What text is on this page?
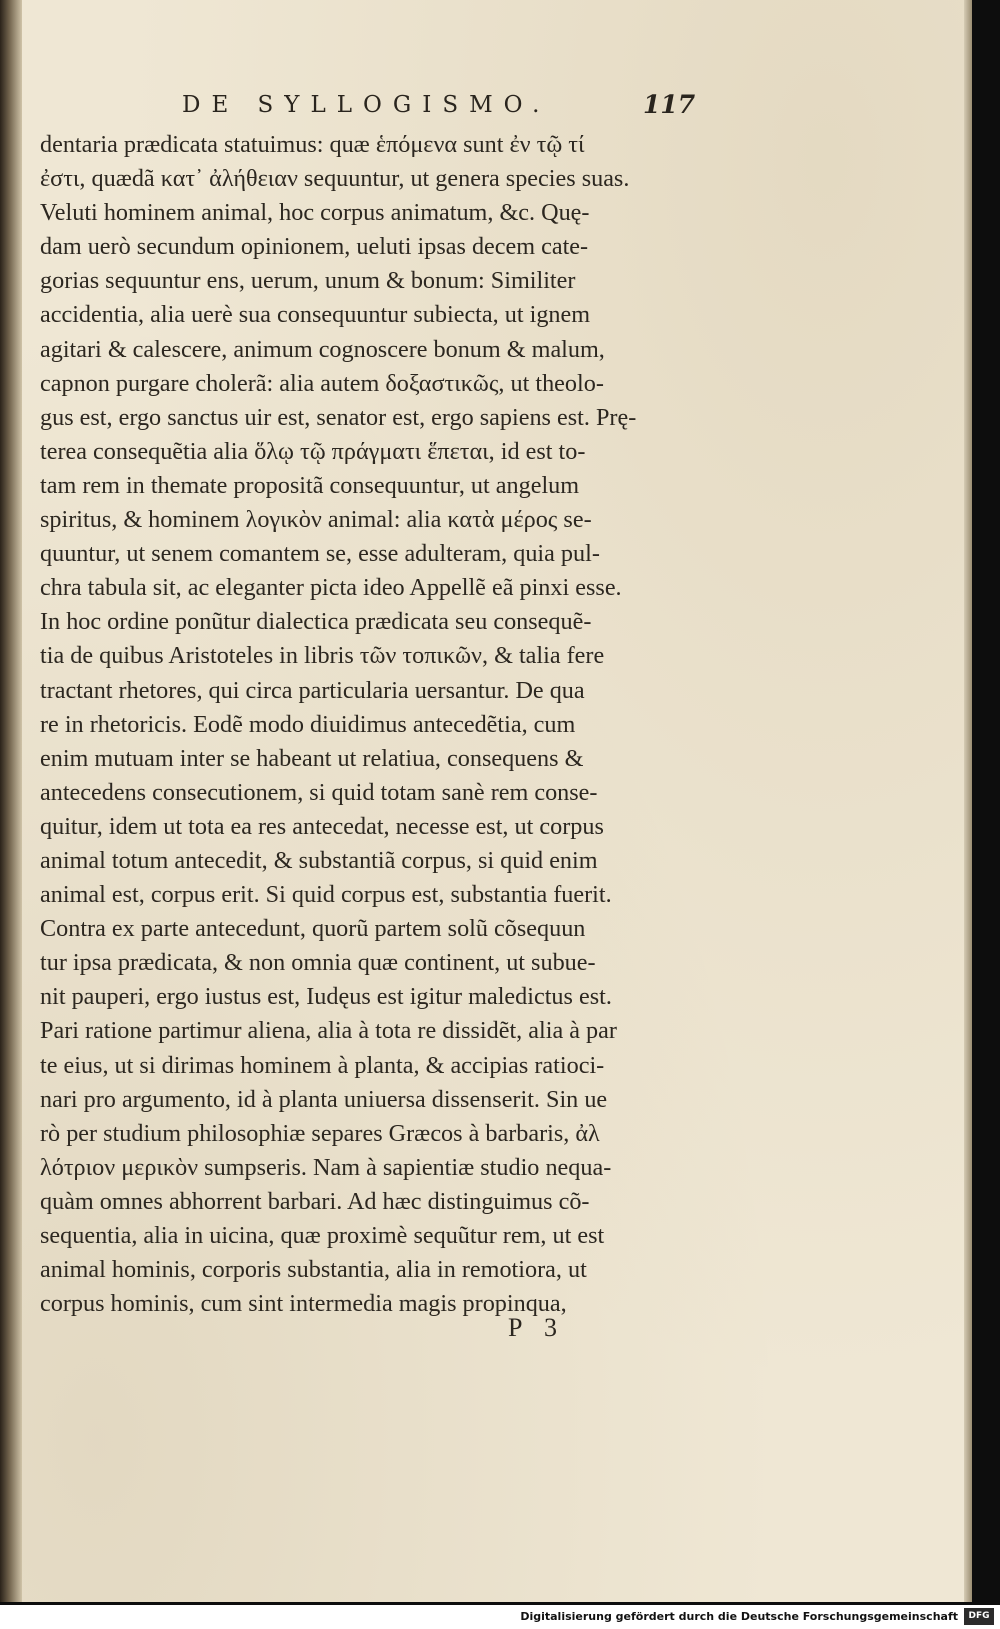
DE SYLLOGISMO.	117
dentaria prædicata statuimus: quæ ἑπόμενα sunt ἐν τῷ τί
ἐστι, quædã κατ᾿ ἀλήθειαν sequuntur, ut genera species suas.
Veluti hominem animal, hoc corpus animatum, &c. Quę-
dam uerò secundum opinionem, ueluti ipsas decem cate-
gorias sequuntur ens, uerum, unum & bonum: Similiter
accidentia, alia uerè sua consequuntur subiecta, ut ignem
agitari & calescere, animum cognoscere bonum & malum,
capnon purgare cholerã: alia autem δοξαστικῶς, ut theolo-
gus est, ergo sanctus uir est, senator est, ergo sapiens est. Prę-
terea consequẽtia alia ὅλῳ τῷ πράγματι ἕπεται, id est to-
tam rem in themate propositã consequuntur, ut angelum
spiritus, & hominem λογικὸν animal: alia κατὰ μέρος se-
quuntur, ut senem comantem se, esse adulteram, quia pul-
chra tabula sit, ac eleganter picta ideo Appellẽ eã pinxi esse.
In hoc ordine ponũtur dialectica prædicata seu consequẽ-
tia de quibus Aristoteles in libris τῶν τοπικῶν, & talia fere
tractant rhetores, qui circa particularia uersantur. De qua
re in rhetoricis. Eodẽ modo diuidimus antecedẽtia, cum
enim mutuam inter se habeant ut relatiua, consequens &
antecedens consecutionem, si quid totam sanè rem conse-
quitur, idem ut tota ea res antecedat, necesse est, ut corpus
animal totum antecedit, & substantiã corpus, si quid enim
animal est, corpus erit. Si quid corpus est, substantia fuerit.
Contra ex parte antecedunt, quorũ partem solũ cõsequun
tur ipsa prædicata, & non omnia quæ continent, ut subue-
nit pauperi, ergo iustus est, Iudęus est igitur maledictus est.
Pari ratione partimur aliena, alia à tota re dissidẽt, alia à par
te eius, ut si dirimas hominem à planta, & accipias ratioci-
nari pro argumento, id à planta uniuersa dissenserit. Sin ue
rò per studium philosophiæ separes Græcos à barbaris, ἀλ
λότριον μερικὸν sumpseris. Nam à sapientiæ studio nequa-
quàm omnes abhorrent barbari. Ad hæc distinguimus cõ-
sequentia, alia in uicina, quæ proximè sequũtur rem, ut est
animal hominis, corporis substantia, alia in remotiora, ut
corpus hominis, cum sint intermedia magis propinqua,
P 3
Digitalisierung gefördert durch die Deutsche Forschungsgemeinschaft	DFG
